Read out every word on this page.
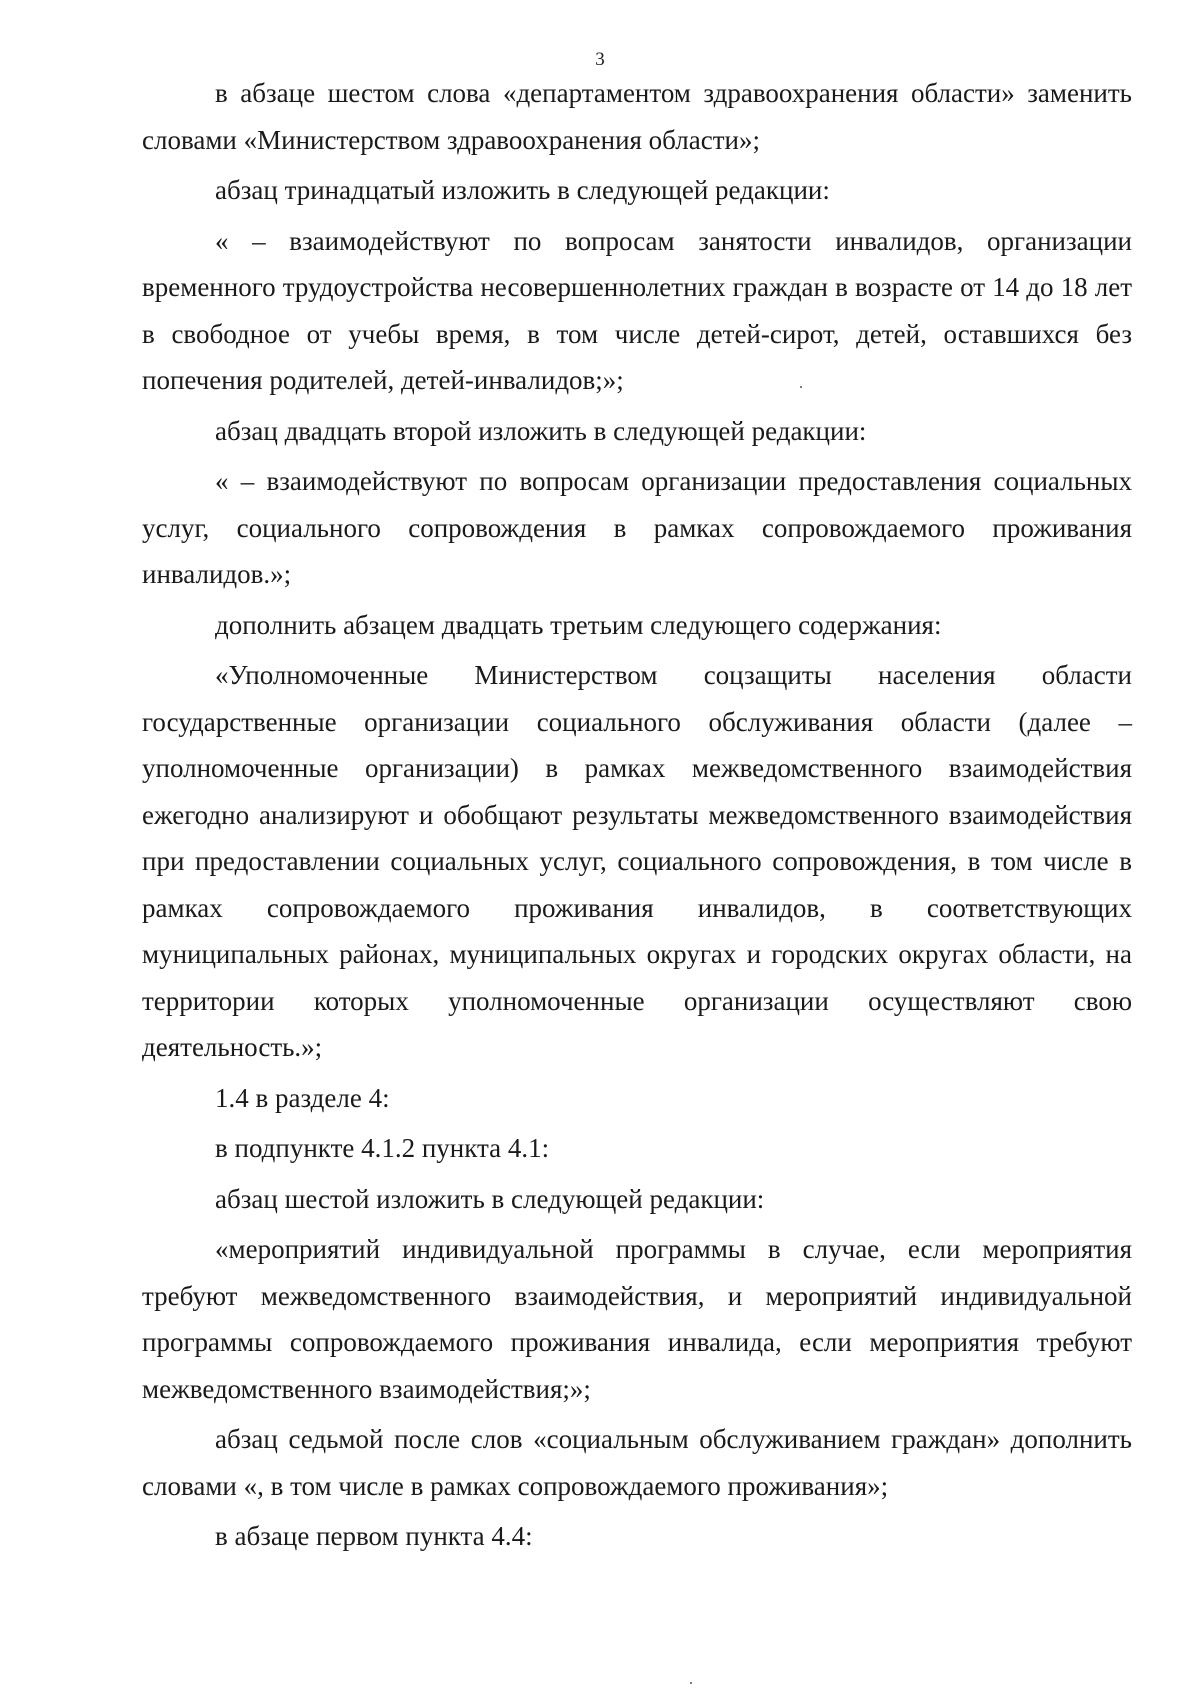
3

в абзаце шестом слова «департаментом здравоохранения области» заменить словами «Министерством здравоохранения области»;

абзац тринадцатый изложить в следующей редакции:

« – взаимодействуют по вопросам занятости инвалидов, организации временного трудоустройства несовершеннолетних граждан в возрасте от 14 до 18 лет в свободное от учебы время, в том числе детей-сирот, детей, оставшихся без попечения родителей, детей-инвалидов;»;

абзац двадцать второй изложить в следующей редакции:

« – взаимодействуют по вопросам организации предоставления социальных услуг, социального сопровождения в рамках сопровождаемого проживания инвалидов.»;

дополнить абзацем двадцать третьим следующего содержания:

«Уполномоченные Министерством соцзащиты населения области государственные организации социального обслуживания области (далее – уполномоченные организации) в рамках межведомственного взаимодействия ежегодно анализируют и обобщают результаты межведомственного взаимодействия при предоставлении социальных услуг, социального сопровождения, в том числе в рамках сопровождаемого проживания инвалидов, в соответствующих муниципальных районах, муниципальных округах и городских округах области, на территории которых уполномоченные организации осуществляют свою деятельность.»;

1.4 в разделе 4:

в подпункте 4.1.2 пункта 4.1:

абзац шестой изложить в следующей редакции:

«мероприятий индивидуальной программы в случае, если мероприятия требуют межведомственного взаимодействия, и мероприятий индивидуальной программы сопровождаемого проживания инвалида, если мероприятия требуют межведомственного взаимодействия;»;

абзац седьмой после слов «социальным обслуживанием граждан» дополнить словами «, в том числе в рамках сопровождаемого проживания»;

в абзаце первом пункта 4.4:
